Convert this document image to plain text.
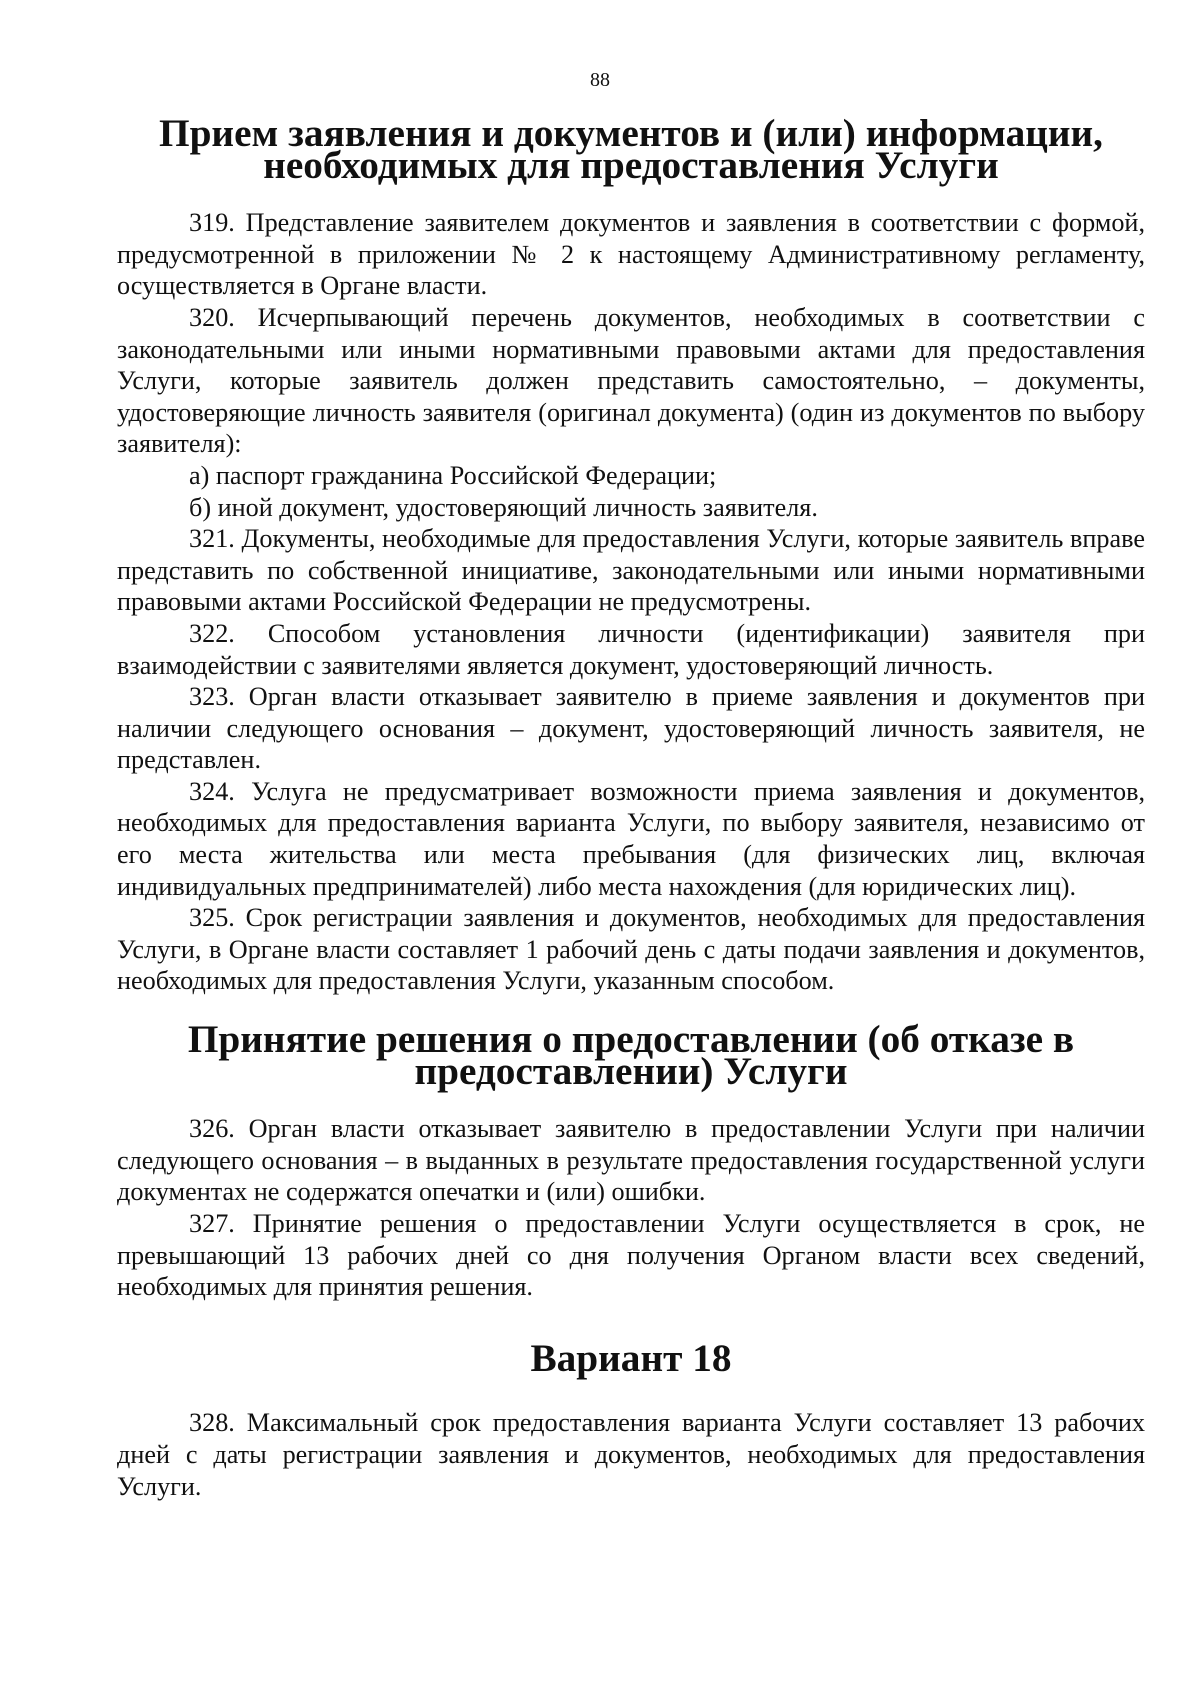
88
Прием заявления и документов и (или) информации, необходимых для предоставления Услуги

319. Представление заявителем документов и заявления в соответствии с формой, предусмотренной в приложении № 2 к настоящему Административному регламенту, осуществляется в Органе власти.

320. Исчерпывающий перечень документов, необходимых в соответствии с законодательными или иными нормативными правовыми актами для предоставления Услуги, которые заявитель должен представить самостоятельно, – документы, удостоверяющие личность заявителя (оригинал документа) (один из документов по выбору заявителя):

а) паспорт гражданина Российской Федерации;

б) иной документ, удостоверяющий личность заявителя.

321. Документы, необходимые для предоставления Услуги, которые заявитель вправе представить по собственной инициативе, законодательными или иными нормативными правовыми актами Российской Федерации не предусмотрены.

322. Способом установления личности (идентификации) заявителя при взаимодействии с заявителями является документ, удостоверяющий личность.

323. Орган власти отказывает заявителю в приеме заявления и документов при наличии следующего основания – документ, удостоверяющий личность заявителя, не представлен.

324. Услуга не предусматривает возможности приема заявления и документов, необходимых для предоставления варианта Услуги, по выбору заявителя, независимо от его места жительства или места пребывания (для физических лиц, включая индивидуальных предпринимателей) либо места нахождения (для юридических лиц).

325. Срок регистрации заявления и документов, необходимых для предоставления Услуги, в Органе власти составляет 1 рабочий день с даты подачи заявления и документов, необходимых для предоставления Услуги, указанным способом.

Принятие решения о предоставлении (об отказе в предоставлении) Услуги

326. Орган власти отказывает заявителю в предоставлении Услуги при наличии следующего основания – в выданных в результате предоставления государственной услуги документах не содержатся опечатки и (или) ошибки.

327. Принятие решения о предоставлении Услуги осуществляется в срок, не превышающий 13 рабочих дней со дня получения Органом власти всех сведений, необходимых для принятия решения.

Вариант 18

328. Максимальный срок предоставления варианта Услуги составляет 13 рабочих дней с даты регистрации заявления и документов, необходимых для предоставления Услуги.
